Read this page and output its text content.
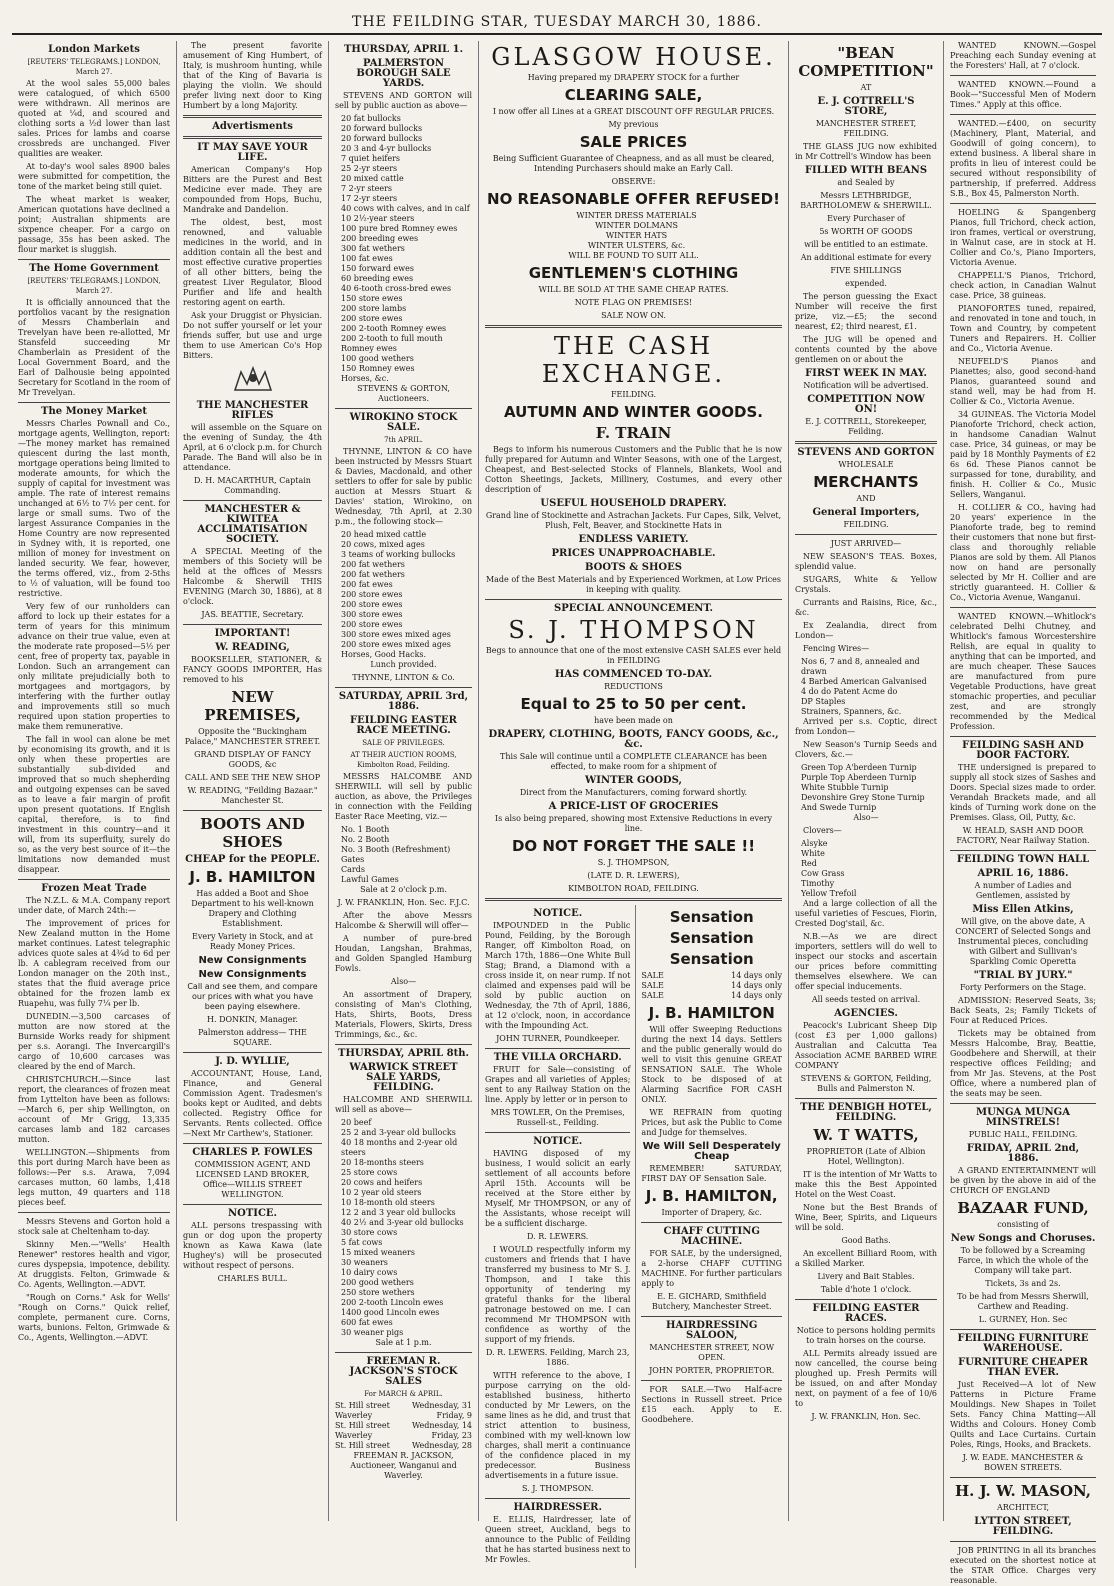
THE FEILDING STAR, TUESDAY MARCH 30, 1886.
London Markets
[REUTERS' TELEGRAMS.] LONDON, March 27.

At the wool sales 55,000 bales were catalogued, of which 6500 were withdrawn. All merinos are quoted at ¼d, and scoured and clothing sorts a ½d lower than last sales. Prices for lambs and coarse crossbreds are unchanged. Fiver qualities are weaker.

At to-day's wool sales 8900 bales were submitted for competition, the tone of the market being still quiet.

The wheat market is weaker, American quotations have declined a point; Australian shipments are sixpence cheaper. For a cargo on passage, 35s has been asked. The flour market is sluggish.

The Home Government
[REUTERS' TELEGRAMS.] LONDON, March 27.

It is officially announced that the portfolios vacant by the resignation of Messrs Chamberlain and Trevelyan have been re-allotted, Mr Stansfeld succeeding Mr Chamberlain as President of the Local Government Board, and the Earl of Dalhousie being appointed Secretary for Scotland in the room of Mr Trevelyan.

The Money Market

Messrs Charles Pownall and Co., mortgage agents, Wellington, report:—The money market has remained quiescent during the last month, mortgage operations being limited to moderate amounts, for which the supply of capital for investment was ample. The rate of interest remains unchanged at 6½ to 7½ per cent. for large or small sums. Two of the largest Assurance Companies in the Home Country are now represented in Sydney with, it is reported, one million of money for investment on landed security. We fear, however, the terms offered, viz., from 2-5ths to ½ of valuation, will be found too restrictive.

Very few of our runholders can afford to lock up their estates for a term of years for this minimum advance on their true value, even at the moderate rate proposed—5½ per cent, free of property tax, payable in London. Such an arrangement can only militate prejudicially both to mortgagees and mortgagors, by interfering with the further outlay and improvements still so much required upon station properties to make them remunerative.

The fall in wool can alone be met by economising its growth, and it is only when these properties are substantially sub-divided and improved that so much shepherding and outgoing expenses can be saved as to leave a fair margin of profit upon present quotations. If English capital, therefore, is to find investment in this country—and it will, from its superfluity, surely do so, as the very best source of it—the limitations now demanded must disappear.

Frozen Meat Trade

The N.Z.L. & M.A. Company report under date, of March 24th:—

The improvement of prices for New Zealand mutton in the Home market continues. Latest telegraphic advices quote sales at 4¾d to 6d per lb. A cablegram received from our London manager on the 20th inst., states that the fluid average price obtained for the frozen lamb ex Ruapehu, was fully 7¼ per lb.

DUNEDIN.—3,500 carcases of mutton are now stored at the Burnside Works ready for shipment per s.s. Aorangi. The Invercargill's cargo of 10,600 carcases was cleared by the end of March.

CHRISTCHURCH.—Since last report, the clearances of frozen meat from Lyttelton have been as follows:—March 6, per ship Wellington, on account of Mr Grigg, 13,335 carcases lamb and 182 carcases mutton.

WELLINGTON.—Shipments from this port during March have been as follows:—Per s.s. Arawa, 7,094 carcases mutton, 60 lambs, 1,418 legs mutton, 49 quarters and 118 pieces beef.

Messrs Stevens and Gorton hold a stock sale at Cheltenham to-day.

Skinny Men.—"Wells' Health Renewer" restores health and vigor, cures dyspepsia, impotence, debility. At druggists. Felton, Grimwade & Co. Agents, Wellington.—ADVT.

"Rough on Corns." Ask for Wells' "Rough on Corns." Quick relief, complete, permanent cure. Corns, warts, bunions. Felton, Grimwade & Co., Agents, Wellington.—ADVT.

The present favorite amusement of King Humbert, of Italy, is mushroom hunting, while that of the King of Bavaria is playing the violin. We should prefer living next door to King Humbert by a long Majority.

Advertisments
IT MAY SAVE YOUR LIFE.

American Company's Hop Bitters are the Purest and Best Medicine ever made. They are compounded from Hops, Buchu, Mandrake and Dandelion.

The oldest, best, most renowned, and valuable medicines in the world, and in addition contain all the best and most effective curative properties of all other bitters, being the greatest Liver Regulator, Blood Purifier and life and health restoring agent on earth.

Ask your Druggist or Physician. Do not suffer yourself or let your friends suffer, but use and urge them to use American Co's Hop Bitters.

THE MANCHESTER RIFLES

will assemble on the Square on the evening of Sunday, the 4th April, at 6 o'clock p.m. for Church Parade. The Band will also be in attendance.

D. H. MACARTHUR, Captain Commanding.

MANCHESTER & KIWITEA ACCLIMATISATION SOCIETY.

A SPECIAL Meeting of the members of this Society will be held at the offices of Messrs Halcombe & Sherwill THIS EVENING (March 30, 1886), at 8 o'clock.

JAS. BEATTIE, Secretary.

IMPORTANT!
W. READING,

BOOKSELLER, STATIONER, & FANCY GOODS IMPORTER, Has removed to his

NEW PREMISES,

Opposite the "Buckingham Palace," MANCHESTER STREET.

GRAND DISPLAY OF FANCY GOODS, &c

CALL AND SEE THE NEW SHOP

W. READING, "Feilding Bazaar." Manchester St.

BOOTS AND SHOES
CHEAP for the PEOPLE.
J. B. HAMILTON

Has added a Boot and Shoe Department to his well-known Drapery and Clothing Establishment.

Every Variety in Stock, and at Ready Money Prices.

New Consignments
New Consignments

Call and see them, and compare our prices with what you have been paying elsewhere.

H. DONKIN, Manager.

Palmerston address— THE SQUARE.

J. D. WYLLIE,

ACCOUNTANT, House, Land, Finance, and General Commission Agent. Tradesmen's books kept or Audited, and debts collected. Registry Office for Servants. Rents collected. Office—Next Mr Carthew's, Stationer.

CHARLES P. FOWLES

COMMISSION AGENT, AND LICENSED LAND BROKER, Office—WILLIS STREET WELLINGTON.

NOTICE.

ALL persons trespassing with gun or dog upon the property known as Kawa Kawa (late Hughey's) will be prosecuted without respect of persons.

CHARLES BULL.

THURSDAY, APRIL 1.
PALMERSTON BOROUGH SALE YARDS.

STEVENS AND GORTON will sell by public auction as above—

20 fat bullocks
20 forward bullocks
20 forward bullocks
20 3 and 4-yr bullocks
7 quiet heifers
25 2-yr steers
20 mixed cattle
7 2-yr steers
17 2-yr steers
40 cows with calves, and in calf
10 2½-year steers
100 pure bred Romney ewes
200 breeding ewes
300 fat wethers
100 fat ewes
150 forward ewes
60 breeding ewes
40 6-tooth cross-bred ewes
150 store ewes
200 store lambs
200 store ewes
200 2-tooth Romney ewes
200 2-tooth to full mouth Romney ewes
100 good wethers
150 Romney ewes
Horses, &c.

STEVENS & GORTON, Auctioneers.

WIROKINO STOCK SALE.
7th APRIL.

THYNNE, LINTON & CO have been instructed by Messrs Stuart & Davies, Macdonald, and other settlers to offer for sale by public auction at Messrs Stuart & Davies' station, Wirokino, on Wednesday, 7th April, at 2.30 p.m., the following stock—

20 head mixed cattle
20 cows, mixed ages
3 teams of working bullocks
200 fat wethers
200 fat wethers
200 fat ewes
200 store ewes
200 store ewes
300 store ewes
200 store ewes
300 store ewes mixed ages
200 store ewes mixed ages
Horses, Good Hacks.

Lunch provided.

THYNNE, LINTON & Co.

SATURDAY, APRIL 3rd, 1886.
FEILDING EASTER RACE MEETING.
SALE OF PRIVILEGES.
AT THEIR AUCTION ROOMS, Kimbolton Road, Feilding.

MESSRS HALCOMBE AND SHERWILL will sell by public auction, as above, the Privileges in connection with the Feilding Easter Race Meeting, viz.—

No. 1 Booth
No. 2 Booth
No. 3 Booth (Refreshment)
Gates
Cards
Lawful Games

Sale at 2 o'clock p.m.

J. W. FRANKLIN, Hon. Sec. F.J.C.

After the above Messrs Halcombe & Sherwill will offer—

A number of pure-bred Houdan, Langshan, Brahmas, and Golden Spangled Hamburg Fowls.

Also—

An assortment of Drapery, consisting of Man's Clothing, Hats, Shirts, Boots, Dress Materials, Flowers, Skirts, Dress Trimmings, &c., &c.

THURSDAY, APRIL 8th.
WARWICK STREET SALE YARDS, FEILDING.

HALCOMBE AND SHERWILL will sell as above—

20 beef
25 2 and 3-year old bullocks
40 18 months and 2-year old steers
20 18-months steers
25 store cows
20 cows and heifers
10 2 year old steers
10 18-month old steers
12 2 and 3 year old bullocks
40 2½ and 3-year old bullocks
30 store cows
5 fat cows
15 mixed weaners
30 weaners
10 dairy cows
200 good wethers
250 store wethers
200 2-tooth Lincoln ewes
1400 good Lincoln ewes
600 fat ewes
30 weaner pigs

Sale at 1 p.m.

FREEMAN R. JACKSON'S STOCK SALES
For MARCH & APRIL.
St. Hill street	Wednesday, 31
Waverley	Friday, 9
St. Hill street	Wednesday, 14
Waverley	Friday, 23
St. Hill street	Wednesday, 28

FREEMAN R. JACKSON, Auctioneer, Wanganui and Waverley.

GLASGOW HOUSE.

Having prepared my DRAPERY STOCK for a further

CLEARING SALE,

I now offer all Lines at a GREAT DISCOUNT OFF REGULAR PRICES.

My previous

SALE PRICES

Being Sufficient Guarantee of Cheapness, and as all must be cleared, Intending Purchasers should make an Early Call.

OBSERVE:

NO REASONABLE OFFER REFUSED!
WINTER DRESS MATERIALS
WINTER DOLMANS
WINTER HATS
WINTER ULSTERS, &c.

WILL BE FOUND TO SUIT ALL.

GENTLEMEN'S CLOTHING

WILL BE SOLD AT THE SAME CHEAP RATES.

NOTE FLAG ON PREMISES!

SALE NOW ON.

THE CASH EXCHANGE.

FEILDING.

AUTUMN AND WINTER GOODS.
F. TRAIN

Begs to inform his numerous Customers and the Public that he is now fully prepared for Autumn and Winter Seasons, with one of the Largest, Cheapest, and Best-selected Stocks of Flannels, Blankets, Wool and Cotton Sheetings, Jackets, Millinery, Costumes, and every other description of

USEFUL HOUSEHOLD DRAPERY.

Grand line of Stockinette and Astrachan Jackets. Fur Capes, Silk, Velvet, Plush, Felt, Beaver, and Stockinette Hats in

ENDLESS VARIETY.
PRICES UNAPPROACHABLE.
BOOTS & SHOES

Made of the Best Materials and by Experienced Workmen, at Low Prices in keeping with quality.

SPECIAL ANNOUNCEMENT.
S. J. THOMPSON

Begs to announce that one of the most extensive CASH SALES ever held in FEILDING

HAS COMMENCED TO-DAY.

REDUCTIONS

Equal to 25 to 50 per cent.

have been made on

DRAPERY, CLOTHING, BOOTS, FANCY GOODS, &c., &c.

This Sale will continue until a COMPLETE CLEARANCE has been effected, to make room for a shipment of

WINTER GOODS,

Direct from the Manufacturers, coming forward shortly.

A PRICE-LIST OF GROCERIES

Is also being prepared, showing most Extensive Reductions in every line.

DO NOT FORGET THE SALE !!

S. J. THOMPSON,

(LATE D. R. LEWERS),

KIMBOLTON ROAD, FEILDING.

NOTICE.

IMPOUNDED in the Public Pound, Feilding, by the Borough Ranger, off Kimbolton Road, on March 17th, 1886—One White Bull Stag; Brand, a Diamond with a cross inside it, on near rump. If not claimed and expenses paid will be sold by public auction on Wednesday, the 7th of April, 1886, at 12 o'clock, noon, in accordance with the Impounding Act.

JOHN TURNER, Poundkeeper.

THE VILLA ORCHARD.

FRUIT for Sale—consisting of Grapes and all varieties of Apples; sent to any Railway Station on the line. Apply by letter or in person to

MRS TOWLER, On the Premises, Russell-st., Feilding.

NOTICE.

HAVING disposed of my business, I would solicit an early settlement of all accounts before April 15th. Accounts will be received at the Store either by Myself, Mr THOMPSON, or any of the Assistants, whose receipt will be a sufficient discharge.

D. R. LEWERS.

I WOULD respectfully inform my customers and friends that I have transferred my business to Mr S. J. Thompson, and I take this opportunity of tendering my grateful thanks for the liberal patronage bestowed on me. I can recommend Mr THOMPSON with confidence as worthy of the support of my friends.

D. R. LEWERS. Feilding, March 23, 1886.

WITH reference to the above, I purpose carrying on the old-established business, hitherto conducted by Mr Lewers, on the same lines as he did, and trust that strict attention to business, combined with my well-known low charges, shall merit a continuance of the confidence placed in my predecessor. Business advertisements in a future issue.

S. J. THOMPSON.

HAIRDRESSER.

E. ELLIS, Hairdresser, late of Queen street, Auckland, begs to announce to the Public of Feilding that he has started business next to Mr Fowles.

Sensation
Sensation
Sensation
SALE	14 days only
SALE	14 days only
SALE	14 days only
J. B. HAMILTON

Will offer Sweeping Reductions during the next 14 days. Settlers and the public generally would do well to visit this genuine GREAT SENSATION SALE. The Whole Stock to be disposed of at Alarming Sacrifice FOR CASH ONLY.

WE REFRAIN from quoting Prices, but ask the Public to Come and Judge for themselves.

We Will Sell Desperately Cheap

REMEMBER! SATURDAY, FIRST DAY OF Sensation Sale.

J. B. HAMILTON,

Importer of Drapery, &c.

CHAFF CUTTING MACHINE.

FOR SALE, by the undersigned, a 2-horse CHAFF CUTTING MACHINE. For further particulars apply to

E. E. GICHARD, Smithfield Butchery, Manchester Street.

HAIRDRESSING SALOON,

MANCHESTER STREET, NOW OPEN.

JOHN PORTER, PROPRIETOR.

FOR SALE.—Two Half-acre Sections in Russell street. Price £15 each. Apply to E. Goodbehere.

"BEAN COMPETITION"

AT

E. J. COTTRELL'S STORE,

MANCHESTER STREET, FEILDING.

THE GLASS JUG now exhibited in Mr Cottrell's Window has been

FILLED WITH BEANS

and Sealed by

Messrs LETHBRIDGE, BARTHOLOMEW & SHERWILL.

Every Purchaser of

5s WORTH OF GOODS

will be entitled to an estimate.

An additional estimate for every

FIVE SHILLINGS

expended.

The person guessing the Exact Number will receive the first prize, viz.—£5; the second nearest, £2; third nearest, £1.

The JUG will be opened and contents counted by the above gentlemen on or about the

FIRST WEEK IN MAY.

Notification will be advertised.

COMPETITION NOW ON!

E. J. COTTRELL, Storekeeper, Feilding.

STEVENS AND GORTON

WHOLESALE

MERCHANTS

AND

General Importers,

FEILDING.

JUST ARRIVED—

NEW SEASON'S TEAS. Boxes, splendid value.

SUGARS, White & Yellow Crystals.

Currants and Raisins, Rice, &c., &c.

Ex Zealandia, direct from London—

Fencing Wires—

Nos 6, 7 and 8, annealed and drawn
4 Barbed American Galvanised
4 do do Patent Acme do
DP Staples
Strainers, Spanners, &c.

Arrived per s.s. Coptic, direct from London—

New Season's Turnip Seeds and Clovers, &c.—

Green Top A'berdeen Turnip
Purple Top Aberdeen Turnip
White Stubble Turnip
Devonshire Grey Stone Turnip
And Swede Turnip

Also—

Clovers—

Alsyke
White
Red
Cow Grass
Timothy
Yellow Trefoil

And a large collection of all the useful varieties of Fescues, Fiorin, Crested Dog'stail, &c.

N.B.—As we are direct importers, settlers will do well to inspect our stocks and ascertain our prices before committing themselves elsewhere. We can offer special inducements.

All seeds tested on arrival.

AGENCIES.

Peacock's Lubricant Sheep Dip (cost £3 per 1,000 gallons) Australian and Calcutta Tea Association ACME BARBED WIRE COMPANY

STEVENS & GORTON, Feilding, Bulls and Palmerston N.

THE DENBIGH HOTEL, FEILDING.
W. T WATTS,

PROPRIETOR (Late of Albion Hotel, Wellington).

IT is the intention of Mr Watts to make this the Best Appointed Hotel on the West Coast.

None but the Best Brands of Wine, Beer, Spirits, and Liqueurs will be sold.

Good Baths.

An excellent Billiard Room, with a Skilled Marker.

Livery and Bait Stables.

Table d'hote 1 o'clock.

FEILDING EASTER RACES.

Notice to persons holding permits to train horses on the course.

ALL Permits already issued are now cancelled, the course being ploughed up. Fresh Permits will be issued, on and after Monday next, on payment of a fee of 10/6 to

J. W. FRANKLIN, Hon. Sec.

WANTED KNOWN.—Gospel Preaching each Sunday evening at the Foresters' Hall, at 7 o'clock.

WANTED KNOWN.—Found a Book—"Successful Men of Modern Times." Apply at this office.

WANTED.—£400, on security (Machinery, Plant, Material, and Goodwill of going concern), to extend business. A liberal share in profits in lieu of interest could be secured without responsibility of partnership, if preferred. Address S.B., Box 45, Palmerston North.

HOELING & Spangenberg Pianos, full Trichord, check action, iron frames, vertical or overstrung, in Walnut case, are in stock at H. Collier and Co.'s, Piano Importers, Victoria Avenue.

CHAPPELL'S Pianos, Trichord, check action, in Canadian Walnut case. Price, 38 guineas.

PIANOFORTES tuned, repaired, and renovated in tone and touch, in Town and Country, by competent Tuners and Repairers. H. Collier and Co., Victoria Avenue.

NEUFELD'S Pianos and Pianettes; also, good second-hand Pianos, guaranteed sound and stand well, may be had from H. Collier & Co., Victoria Avenue.

34 GUINEAS. The Victoria Model Pianoforte Trichord, check action, in handsome Canadian Walnut case. Price, 34 guineas, or may be paid by 18 Monthly Payments of £2 6s 6d. These Pianos cannot be surpassed for tone, durability, and finish. H. Collier & Co., Music Sellers, Wanganui.

H. COLLIER & CO., having had 20 years' experience in the Pianoforte trade, beg to remind their customers that none but first-class and thoroughly reliable Pianos are sold by them. All Pianos now on hand are personally selected by Mr H. Collier and are strictly guaranteed. H. Collier & Co., Victoria Avenue, Wanganui.

WANTED KNOWN.—Whitlock's celebrated Delhi Chutney, and Whitlock's famous Worcestershire Relish, are equal in quality to anything that can be imported, and are much cheaper. These Sauces are manufactured from pure Vegetable Productions, have great stomachic properties, and peculiar zest, and are strongly recommended by the Medical Profession.

FEILDING SASH AND DOOR FACTORY.

THE undersigned is prepared to supply all stock sizes of Sashes and Doors. Special sizes made to order. Verandah Brackets made, and all kinds of Turning work done on the Premises. Glass, Oil, Putty, &c.

W. HEALD, SASH AND DOOR FACTORY, Near Railway Station.

FEILDING TOWN HALL
APRIL 16, 1886.

A number of Ladies and Gentlemen, assisted by

Miss Ellen Atkins,

Will give, on the above date, A CONCERT of Selected Songs and Instrumental pieces, concluding with Gilbert and Sullivan's Sparkling Comic Operetta

"TRIAL BY JURY."

Forty Performers on the Stage.

ADMISSION: Reserved Seats, 3s; Back Seats, 2s; Family Tickets of Four at Reduced Prices.

Tickets may be obtained from Messrs Halcombe, Bray, Beattie, Goodbehere and Sherwill, at their respective offices Feilding; and from Mr Jas. Stevens, at the Post Office, where a numbered plan of the seats may be seen.

MUNGA MUNGA MINSTRELS!

PUBLIC HALL, FEILDING.

FRIDAY, APRIL 2nd, 1886.

A GRAND ENTERTAINMENT will be given by the above in aid of the CHURCH OF ENGLAND

BAZAAR FUND,

consisting of

New Songs and Choruses.

To be followed by a Screaming Farce, in which the whole of the Company will take part.

Tickets, 3s and 2s.

To be had from Messrs Sherwill, Carthew and Reading.

L. GURNEY, Hon. Sec

FEILDING FURNITURE WAREHOUSE.
FURNITURE CHEAPER THAN EVER.

Just Received—A lot of New Patterns in Picture Frame Mouldings. New Shapes in Toilet Sets. Fancy China Matting—All Widths and Colours. Honey Comb Quilts and Lace Curtains. Curtain Poles, Rings, Hooks, and Brackets.

J. W. EADE. MANCHESTER & BOWEN STREETS.

H. J. W. MASON,

ARCHITECT,

LYTTON STREET, FEILDING.

JOB PRINTING in all its branches executed on the shortest notice at the STAR Office. Charges very reasonable.
